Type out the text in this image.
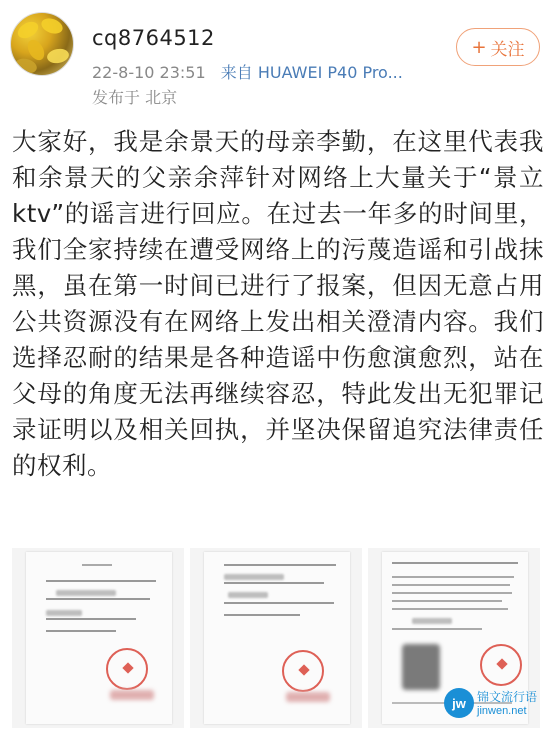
cq8764512
22-8-10 23:51 来自 HUAWEI P40 Pro...
发布于 北京
+ 关注
大家好，我是余景天的母亲李勤，在这里代表我和余景天的父亲余萍针对网络上大量关于“景立ktv”的谣言进行回应。在过去一年多的时间里，我们全家持续在遭受网络上的污蔑造谣和引战抹黑，虽在第一时间已进行了报案，但因无意占用公共资源没有在网络上发出相关澄清内容。我们选择忍耐的结果是各种造谣中伤愈演愈烈，站在父母的角度无法再继续容忍，特此发出无犯罪记录证明以及相关回执，并坚决保留追究法律责任的权利。
jw 锦文流行语
jinwen.net
